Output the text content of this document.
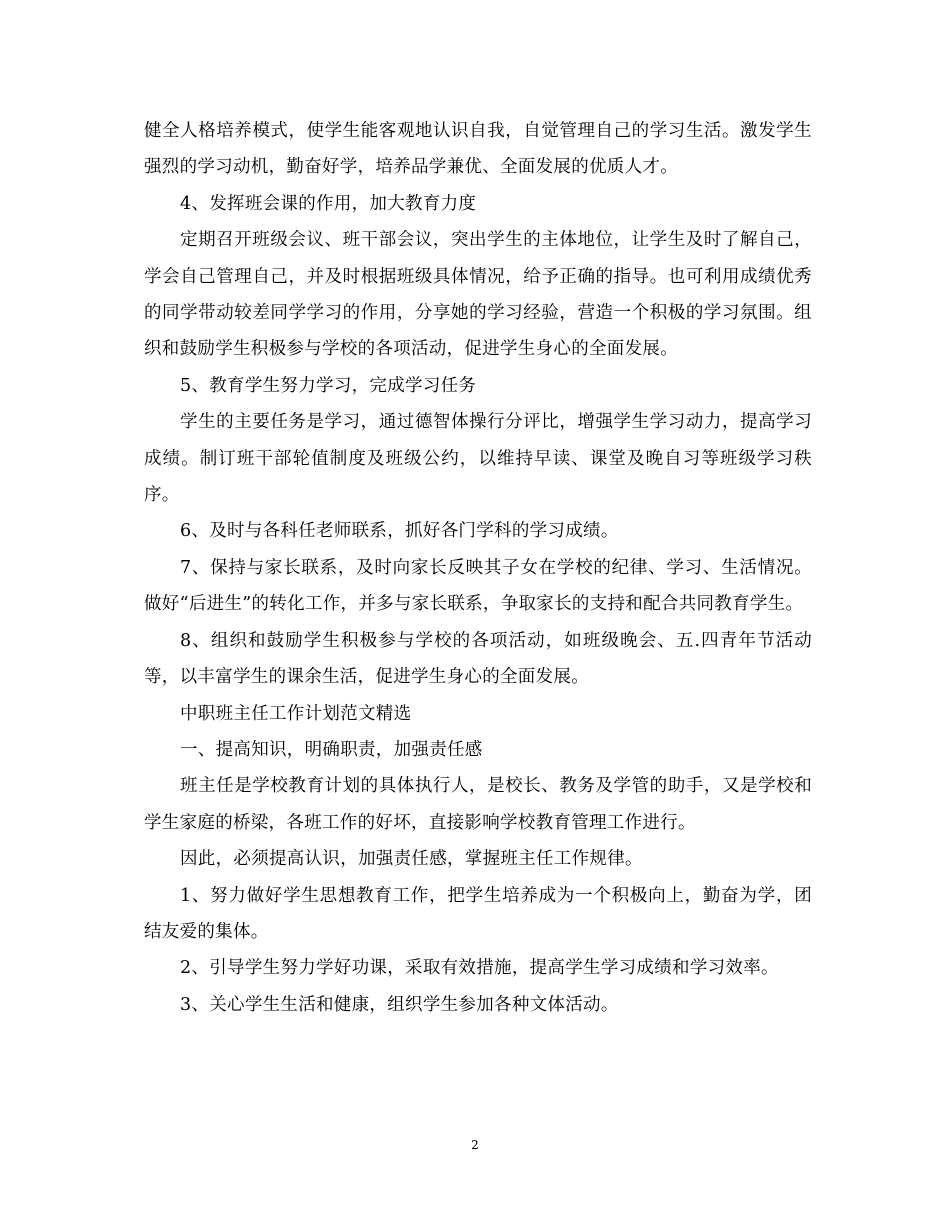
健全人格培养模式，使学生能客观地认识自我，自觉管理自己的学习生活。激发学生强烈的学习动机，勤奋好学，培养品学兼优、全面发展的优质人才。

4、发挥班会课的作用，加大教育力度

定期召开班级会议、班干部会议，突出学生的主体地位，让学生及时了解自己，学会自己管理自己，并及时根据班级具体情况，给予正确的指导。也可利用成绩优秀的同学带动较差同学学习的作用，分享她的学习经验，营造一个积极的学习氛围。组织和鼓励学生积极参与学校的各项活动，促进学生身心的全面发展。

5、教育学生努力学习，完成学习任务

学生的主要任务是学习，通过德智体操行分评比，增强学生学习动力，提高学习成绩。制订班干部轮值制度及班级公约，以维持早读、课堂及晚自习等班级学习秩序。

6、及时与各科任老师联系，抓好各门学科的学习成绩。

7、保持与家长联系，及时向家长反映其子女在学校的纪律、学习、生活情况。做好“后进生”的转化工作，并多与家长联系，争取家长的支持和配合共同教育学生。

8、组织和鼓励学生积极参与学校的各项活动，如班级晚会、五.四青年节活动等，以丰富学生的课余生活，促进学生身心的全面发展。

中职班主任工作计划范文精选

一、提高知识，明确职责，加强责任感

班主任是学校教育计划的具体执行人，是校长、教务及学管的助手，又是学校和学生家庭的桥梁，各班工作的好坏，直接影响学校教育管理工作进行。

因此，必须提高认识，加强责任感，掌握班主任工作规律。

1、努力做好学生思想教育工作，把学生培养成为一个积极向上，勤奋为学，团结友爱的集体。

2、引导学生努力学好功课，采取有效措施，提高学生学习成绩和学习效率。

3、关心学生生活和健康，组织学生参加各种文体活动。

2
